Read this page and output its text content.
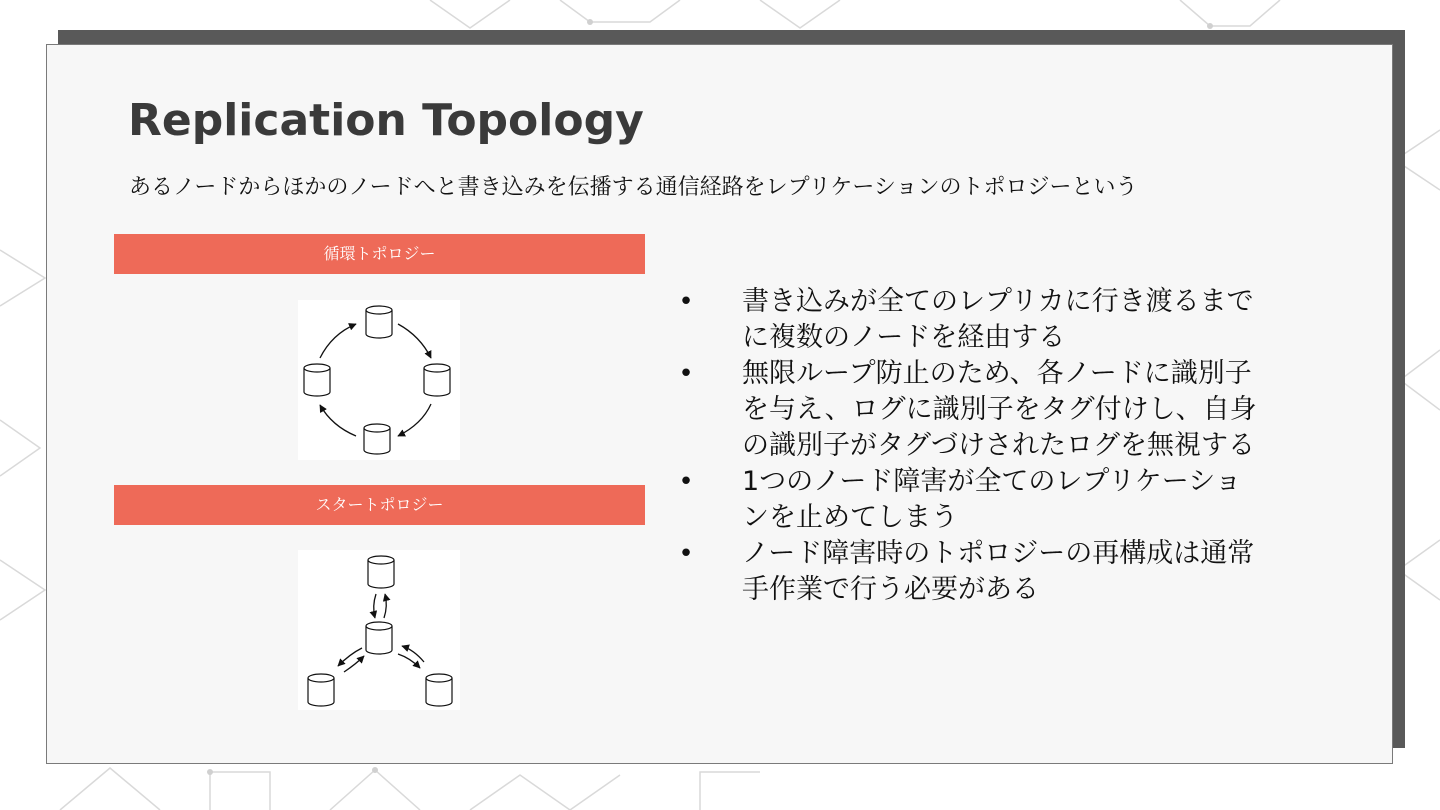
Replication Topology
あるノードからほかのノードへと書き込みを伝播する通信経路をレプリケーションのトポロジーという
循環トポロジー
スタートポロジー
• 書き込みが全てのレプリカに行き渡るまでに複数のノードを経由する
• 無限ループ防止のため、各ノードに識別子を与え、ログに識別子をタグ付けし、自身の識別子がタグづけされたログを無視する
• 1つのノード障害が全てのレプリケーションを止めてしまう
• ノード障害時のトポロジーの再構成は通常手作業で行う必要がある
